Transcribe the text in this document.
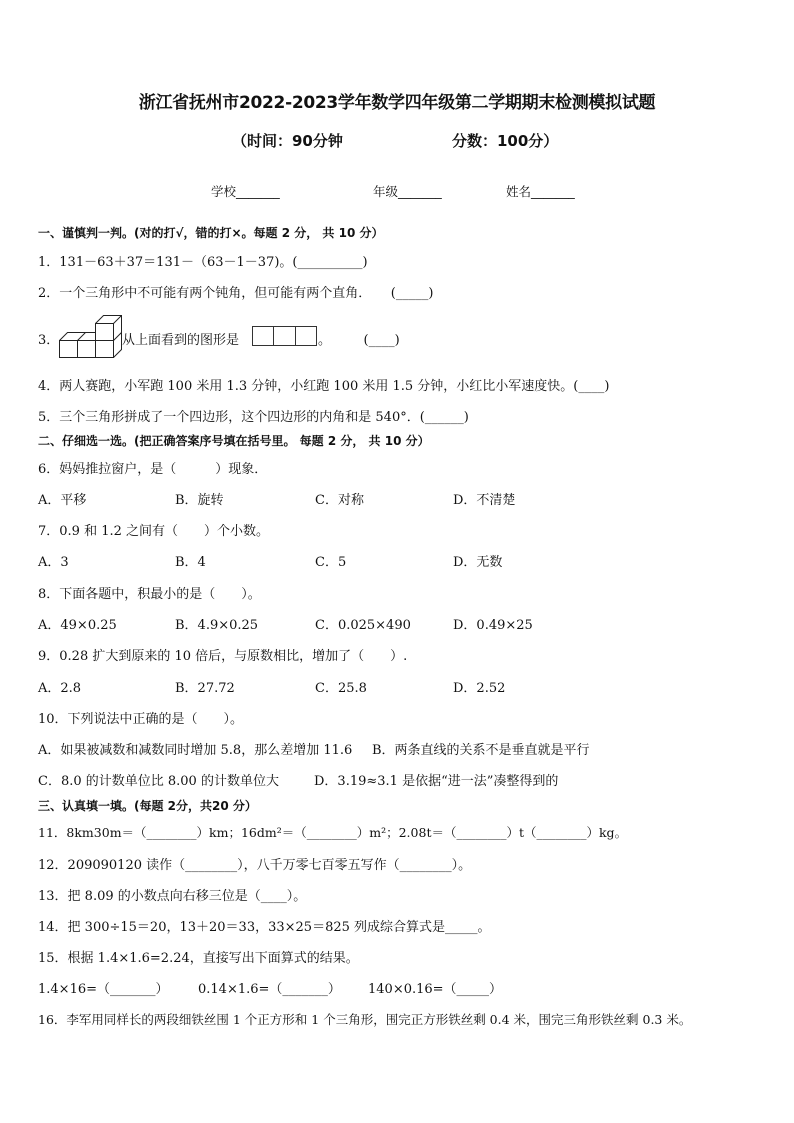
浙江省抚州市2022-2023学年数学四年级第二学期期末检测模拟试题
（时间：90分钟	分数：100分）
学校_______	年级_______	姓名_______
一、谨慎判一判。(对的打√，错的打×。每题 2 分， 共 10 分）
1．131－63＋37＝131－（63－1－37)。(__________)
2．一个三角形中不可能有两个钝角，但可能有两个直角．　　(_____)
3．	从上面看到的图形是	。　　　(____)
4．两人赛跑，小军跑 100 米用 1.3 分钟，小红跑 100 米用 1.5 分钟，小红比小军速度快。(____)
5．三个三角形拼成了一个四边形，这个四边形的内角和是 540°．(______)
二、仔细选一选。(把正确答案序号填在括号里。 每题 2 分， 共 10 分）
6．妈妈推拉窗户，是（　　　）现象．
A．平移	B．旋转	C．对称	D．不清楚
7．0.9 和 1.2 之间有（　　）个小数。
A．3	B．4	C．5	D．无数
8．下面各题中，积最小的是（　　）。
A．49×0.25	B．4.9×0.25	C．0.025×490	D．0.49×25
9．0.28 扩大到原来的 10 倍后，与原数相比，增加了（　　）.
A．2.8	B．27.72	C．25.8	D．2.52
10．下列说法中正确的是（　　）。
A．如果被减数和减数同时增加 5.8，那么差增加 11.6 B．两条直线的关系不是垂直就是平行
C．8.0 的计数单位比 8.00 的计数单位大	D．3.19≈3.1 是依据“进一法”凑整得到的
三、认真填一填。(每题 2分，共20 分）
11．8km30m＝（________）km；16dm²＝（________）m²；2.08t＝（________）t（________）kg。
12．209090120 读作（________），八千万零七百零五写作（________）。
13．把 8.09 的小数点向右移三位是（____）。
14．把 300÷15＝20，13＋20＝33，33×25＝825 列成综合算式是_____。
15．根据 1.4×1.6=2.24，直接写出下面算式的结果。
1.4×16=（_______） 0.14×1.6=（_______） 140×0.16=（_____）
16．李军用同样长的两段细铁丝围 1 个正方形和 1 个三角形，围完正方形铁丝剩 0.4 米，围完三角形铁丝剩 0.3 米。
